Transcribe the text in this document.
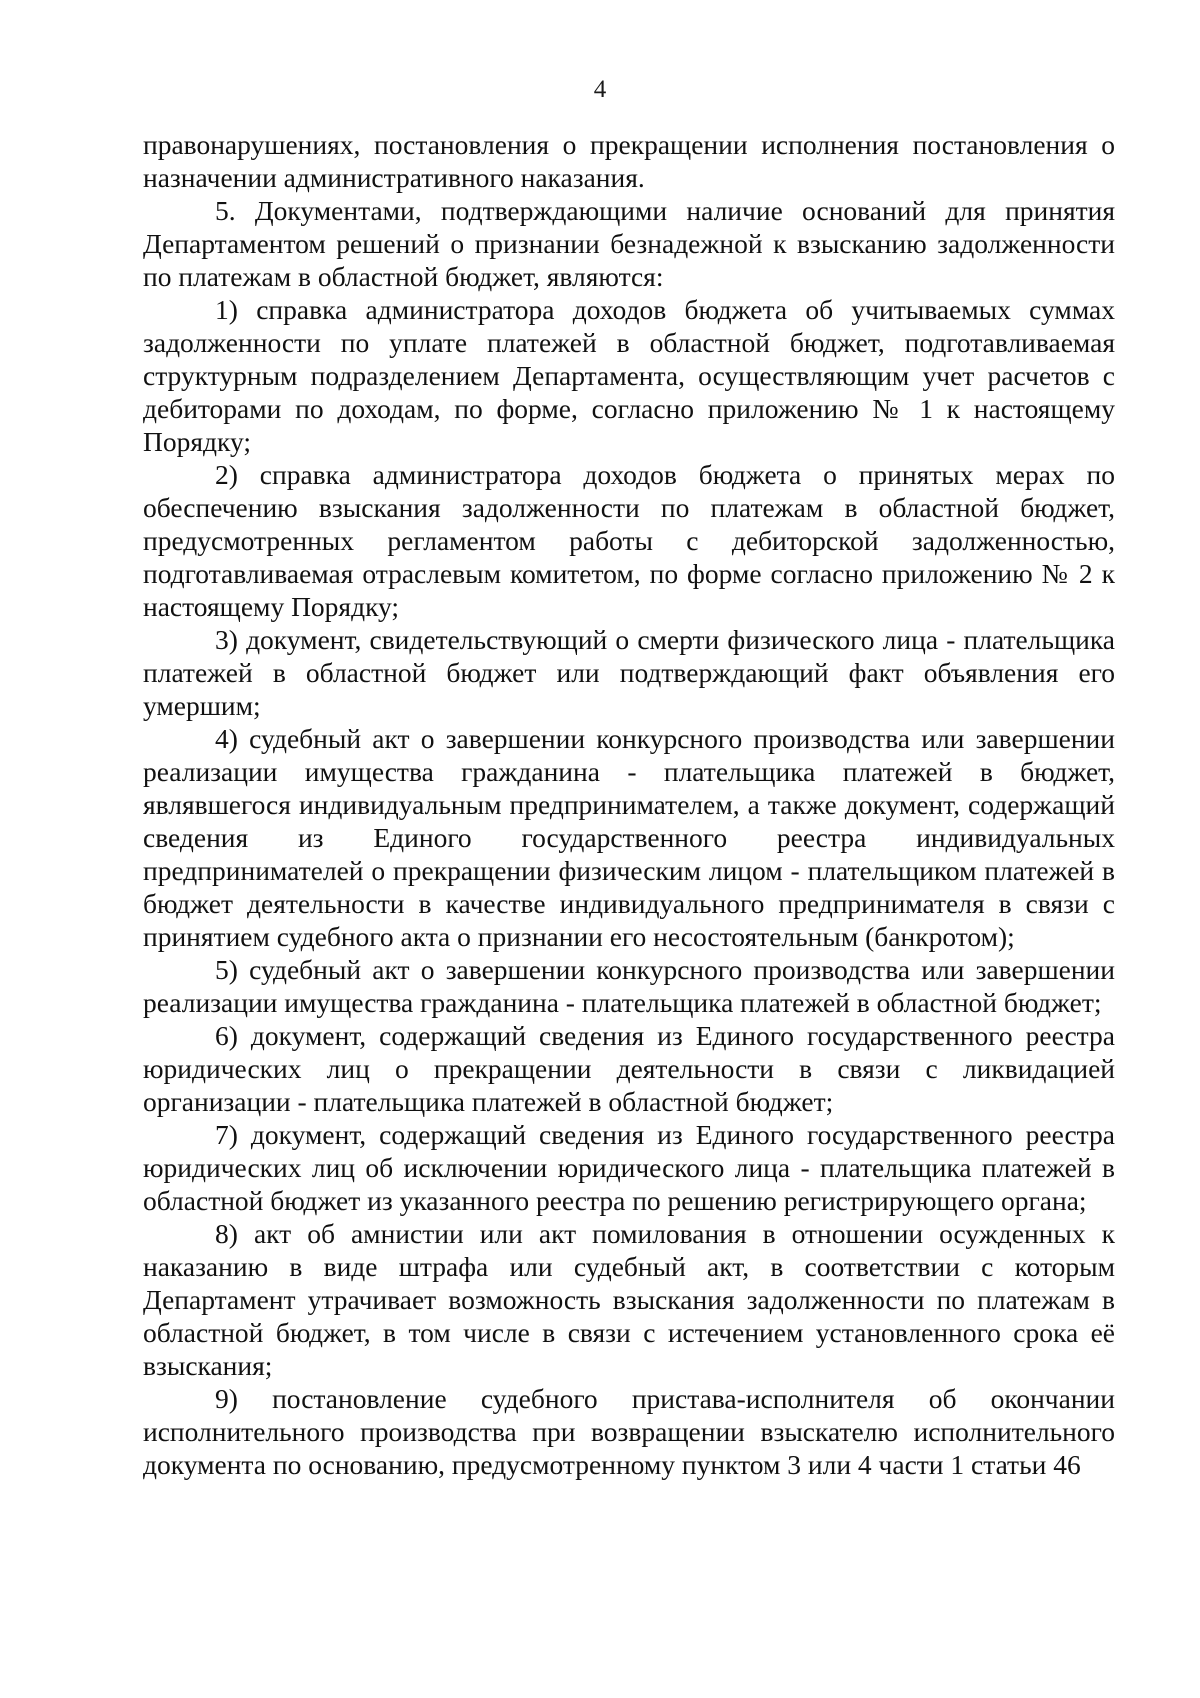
4

правонарушениях, постановления о прекращении исполнения постановления о назначении административного наказания.

5. Документами, подтверждающими наличие оснований для принятия Департаментом решений о признании безнадежной к взысканию задолженности по платежам в областной бюджет, являются:

1) справка администратора доходов бюджета об учитываемых суммах задолженности по уплате платежей в областной бюджет, подготавливаемая структурным подразделением Департамента, осуществляющим учет расчетов с дебиторами по доходам, по форме, согласно приложению № 1 к настоящему Порядку;

2) справка администратора доходов бюджета о принятых мерах по обеспечению взыскания задолженности по платежам в областной бюджет, предусмотренных регламентом работы с дебиторской задолженностью, подготавливаемая отраслевым комитетом, по форме согласно приложению № 2 к настоящему Порядку;

3) документ, свидетельствующий о смерти физического лица - плательщика платежей в областной бюджет или подтверждающий факт объявления его умершим;

4) судебный акт о завершении конкурсного производства или завершении реализации имущества гражданина - плательщика платежей в бюджет, являвшегося индивидуальным предпринимателем, а также документ, содержащий сведения из Единого государственного реестра индивидуальных предпринимателей о прекращении физическим лицом - плательщиком платежей в бюджет деятельности в качестве индивидуального предпринимателя в связи с принятием судебного акта о признании его несостоятельным (банкротом);

5) судебный акт о завершении конкурсного производства или завершении реализации имущества гражданина - плательщика платежей в областной бюджет;

6) документ, содержащий сведения из Единого государственного реестра юридических лиц о прекращении деятельности в связи с ликвидацией организации - плательщика платежей в областной бюджет;

7) документ, содержащий сведения из Единого государственного реестра юридических лиц об исключении юридического лица - плательщика платежей в областной бюджет из указанного реестра по решению регистрирующего органа;

8) акт об амнистии или акт помилования в отношении осужденных к наказанию в виде штрафа или судебный акт, в соответствии с которым Департамент утрачивает возможность взыскания задолженности по платежам в областной бюджет, в том числе в связи с истечением установленного срока её взыскания;

9) постановление судебного пристава-исполнителя об окончании исполнительного производства при возвращении взыскателю исполнительного документа по основанию, предусмотренному пунктом 3 или 4 части 1 статьи 46
